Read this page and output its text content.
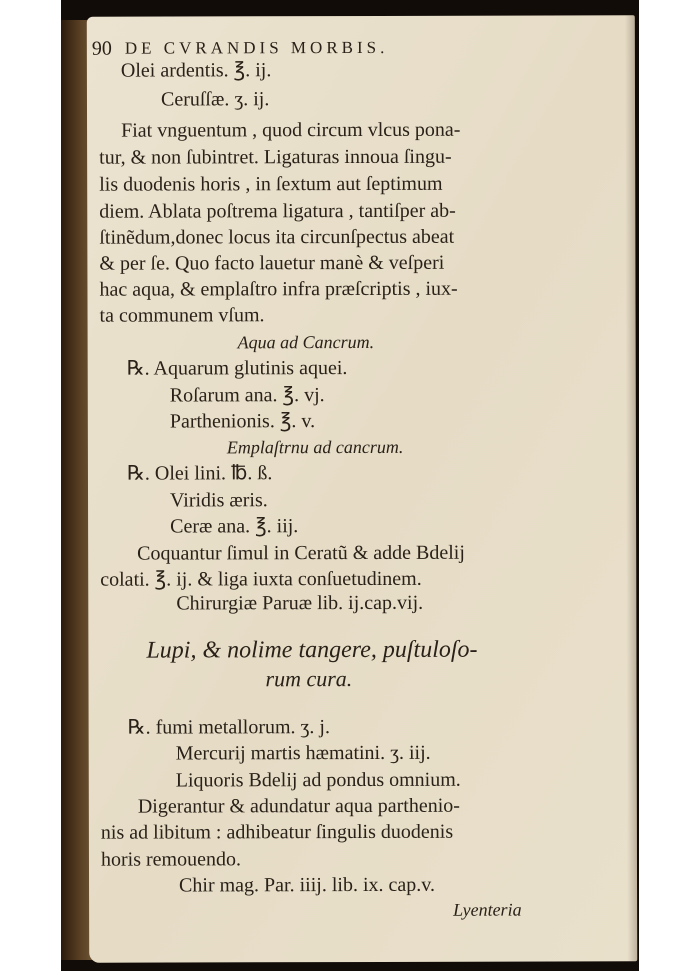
90 DE CVRANDIS MORBIS.
Olei ardentis. ℥. ij.
Ceruſſæ. ʒ. ij.
Fiat vnguentum , quod circum vlcus pona-
tur, & non ſubintret. Ligaturas innoua ſingu-
lis duodenis horis , in ſextum aut ſeptimum
diem. Ablata poſtrema ligatura , tantiſper ab-
ſtinẽdum,donec locus ita circunſpectus abeat
& per ſe. Quo facto lauetur manè & veſperi
hac aqua, & emplaſtro infra præſcriptis , iux-
ta communem vſum.
Aqua ad Cancrum.
℞. Aquarum glutinis aquei.
Roſarum ana. ℥. vj.
Parthenionis. ℥. v.
Emplaſtrnu ad cancrum.
℞. Olei lini. ℔. ß.
Viridis æris.
Ceræ ana. ℥. iij.
Coquantur ſimul in Ceratũ & adde Bdelij
colati. ℥. ij. & liga iuxta conſuetudinem.
Chirurgiæ Paruæ lib. ij.cap.vij.
Lupi, & nolime tangere, puſtuloſo-
rum cura.
℞. fumi metallorum. ʒ. j.
Mercurij martis hæmatini. ʒ. iij.
Liquoris Bdelij ad pondus omnium.
Digerantur & adundatur aqua parthenio-
nis ad libitum : adhibeatur ſingulis duodenis
horis remouendo.
Chir mag. Par. iiij. lib. ix. cap.v.
Lyenteria
